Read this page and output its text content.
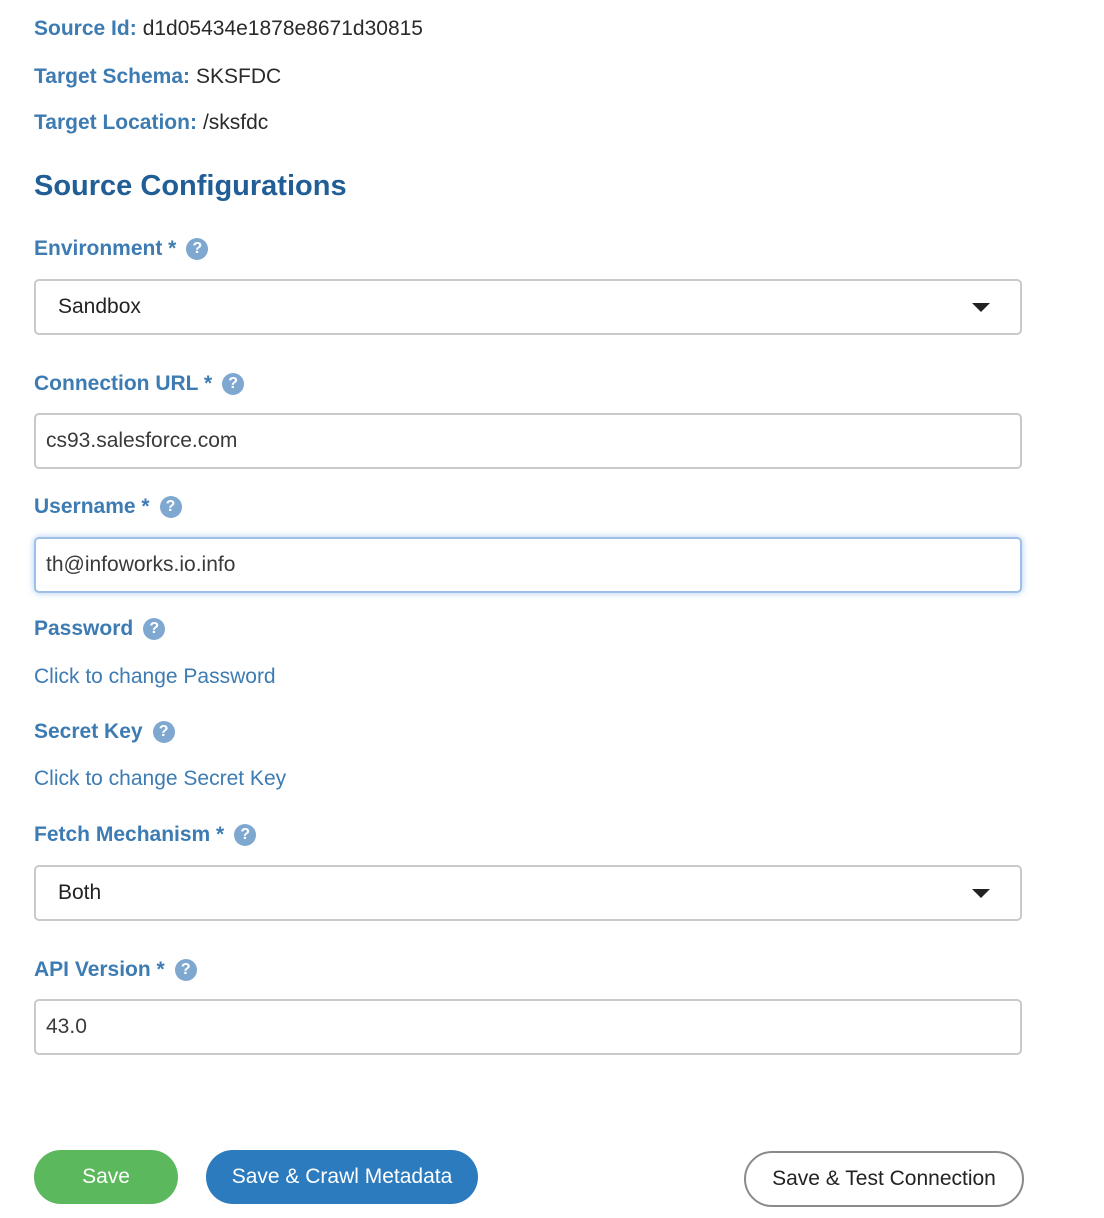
Source Id: d1d05434e1878e8671d30815
Target Schema: SKSFDC
Target Location: /sksfdc
Source Configurations
Environment *	?
Sandbox
Connection URL *	?
cs93.salesforce.com
Username *	?
th@infoworks.io.info
Password	?
Click to change Password
Secret Key	?
Click to change Secret Key
Fetch Mechanism *	?
Both
API Version *	?
43.0
Save	Save & Crawl Metadata	Save & Test Connection
